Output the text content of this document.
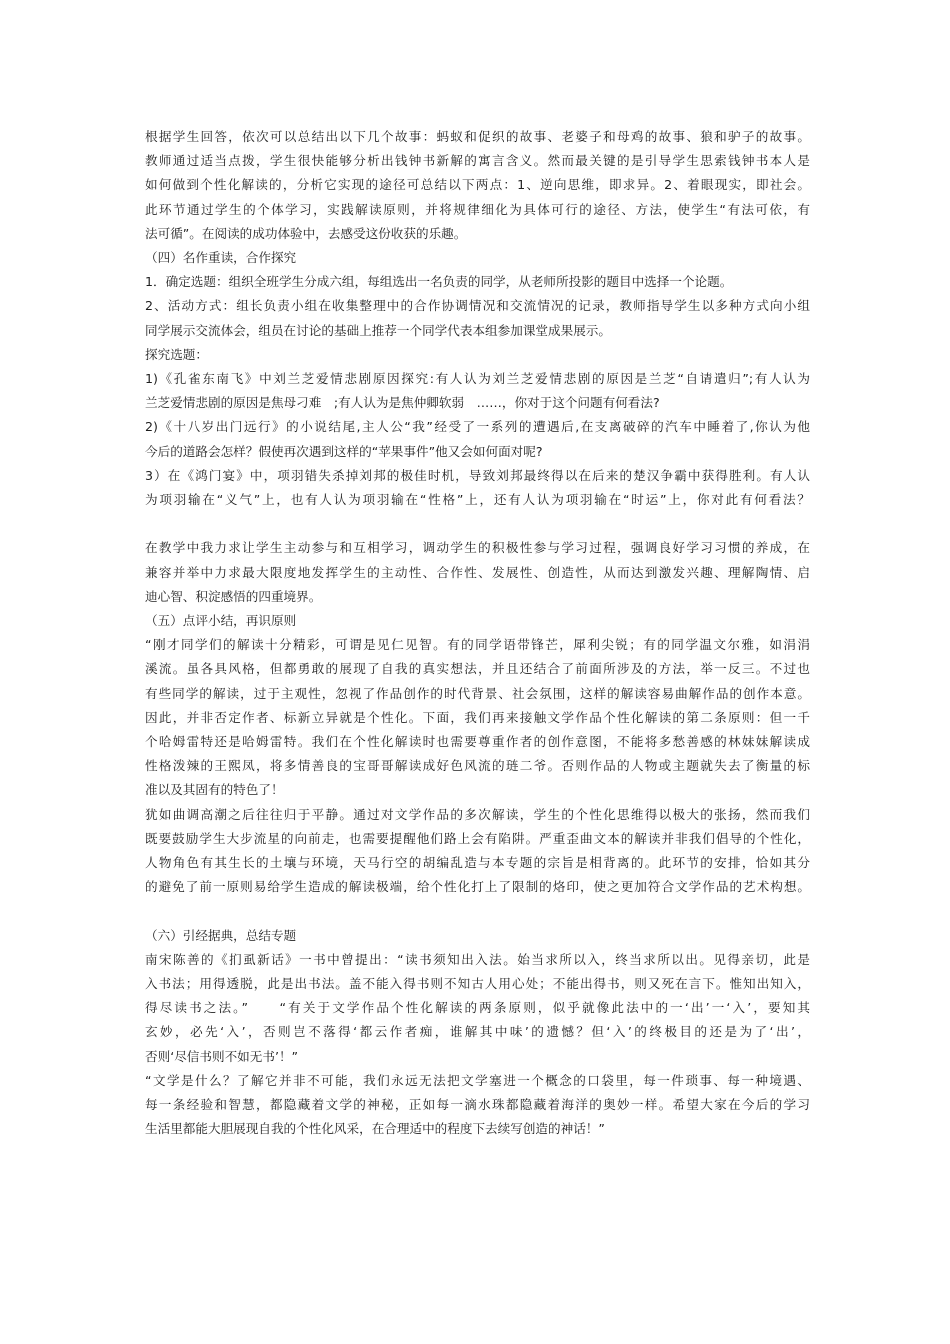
根据学生回答，依次可以总结出以下几个故事：蚂蚁和促织的故事、老婆子和母鸡的故事、狼和驴子的故事。
教师通过适当点拨，学生很快能够分析出钱钟书新解的寓言含义。然而最关键的是引导学生思索钱钟书本人是
如何做到个性化解读的，分析它实现的途径可总结以下两点：1、逆向思维，即求异。2、着眼现实，即社会。
此环节通过学生的个体学习，实践解读原则，并将规律细化为具体可行的途径、方法，使学生“有法可依，有
法可循”。在阅读的成功体验中，去感受这份收获的乐趣。
（四）名作重读，合作探究
1．确定选题：组织全班学生分成六组，每组选出一名负责的同学，从老师所投影的题目中选择一个论题。
2、活动方式：组长负责小组在收集整理中的合作协调情况和交流情况的记录，教师指导学生以多种方式向小组
同学展示交流体会，组员在讨论的基础上推荐一个同学代表本组参加课堂成果展示。
探究选题：
1)《孔雀东南飞》中刘兰芝爱情悲剧原因探究:有人认为刘兰芝爱情悲剧的原因是兰芝“自请遣归”;有人认为
兰芝爱情悲剧的原因是焦母刁难　;有人认为是焦仲卿软弱　……，你对于这个问题有何看法?
2)《十八岁出门远行》的小说结尾,主人公“我”经受了一系列的遭遇后,在支离破碎的汽车中睡着了,你认为他
今后的道路会怎样？假使再次遇到这样的“苹果事件”他又会如何面对呢?
3）在《鸿门宴》中，项羽错失杀掉刘邦的极佳时机，导致刘邦最终得以在后来的楚汉争霸中获得胜利。有人认
为项羽输在“义气”上，也有人认为项羽输在“性格”上，还有人认为项羽输在“时运”上，你对此有何看法？
在教学中我力求让学生主动参与和互相学习，调动学生的积极性参与学习过程，强调良好学习习惯的养成，在
兼容并举中力求最大限度地发挥学生的主动性、合作性、发展性、创造性，从而达到激发兴趣、理解陶情、启
迪心智、积淀感悟的四重境界。
（五）点评小结，再识原则
“刚才同学们的解读十分精彩，可谓是见仁见智。有的同学语带锋芒，犀利尖锐；有的同学温文尔雅，如涓涓
溪流。虽各具风格，但都勇敢的展现了自我的真实想法，并且还结合了前面所涉及的方法，举一反三。不过也
有些同学的解读，过于主观性，忽视了作品创作的时代背景、社会氛围，这样的解读容易曲解作品的创作本意。
因此，并非否定作者、标新立异就是个性化。下面，我们再来接触文学作品个性化解读的第二条原则：但一千
个哈姆雷特还是哈姆雷特。我们在个性化解读时也需要尊重作者的创作意图，不能将多愁善感的林妹妹解读成
性格泼辣的王熙凤，将多情善良的宝哥哥解读成好色风流的琏二爷。否则作品的人物或主题就失去了衡量的标
准以及其固有的特色了！
犹如曲调高潮之后往往归于平静。通过对文学作品的多次解读，学生的个性化思维得以极大的张扬，然而我们
既要鼓励学生大步流星的向前走，也需要提醒他们路上会有陷阱。严重歪曲文本的解读并非我们倡导的个性化，
人物角色有其生长的土壤与环境，天马行空的胡编乱造与本专题的宗旨是相背离的。此环节的安排，恰如其分
的避免了前一原则易给学生造成的解读极端，给个性化打上了限制的烙印，使之更加符合文学作品的艺术构想。
（六）引经据典，总结专题
南宋陈善的《扪虱新话》一书中曾提出：“读书须知出入法。始当求所以入，终当求所以出。见得亲切，此是
入书法；用得透脱，此是出书法。盖不能入得书则不知古人用心处；不能出得书，则又死在言下。惟知出知入，
得尽读书之法。”　　“有关于文学作品个性化解读的两条原则，似乎就像此法中的一‘出’一‘入’，要知其
玄妙，必先‘入’，否则岂不落得‘都云作者痴，谁解其中味’的遗憾？但‘入’的终极目的还是为了‘出’，
否则‘尽信书则不如无书’！”
“文学是什么？了解它并非不可能，我们永远无法把文学塞进一个概念的口袋里，每一件琐事、每一种境遇、
每一条经验和智慧，都隐藏着文学的神秘，正如每一滴水珠都隐藏着海洋的奥妙一样。希望大家在今后的学习
生活里都能大胆展现自我的个性化风采，在合理适中的程度下去续写创造的神话！”
